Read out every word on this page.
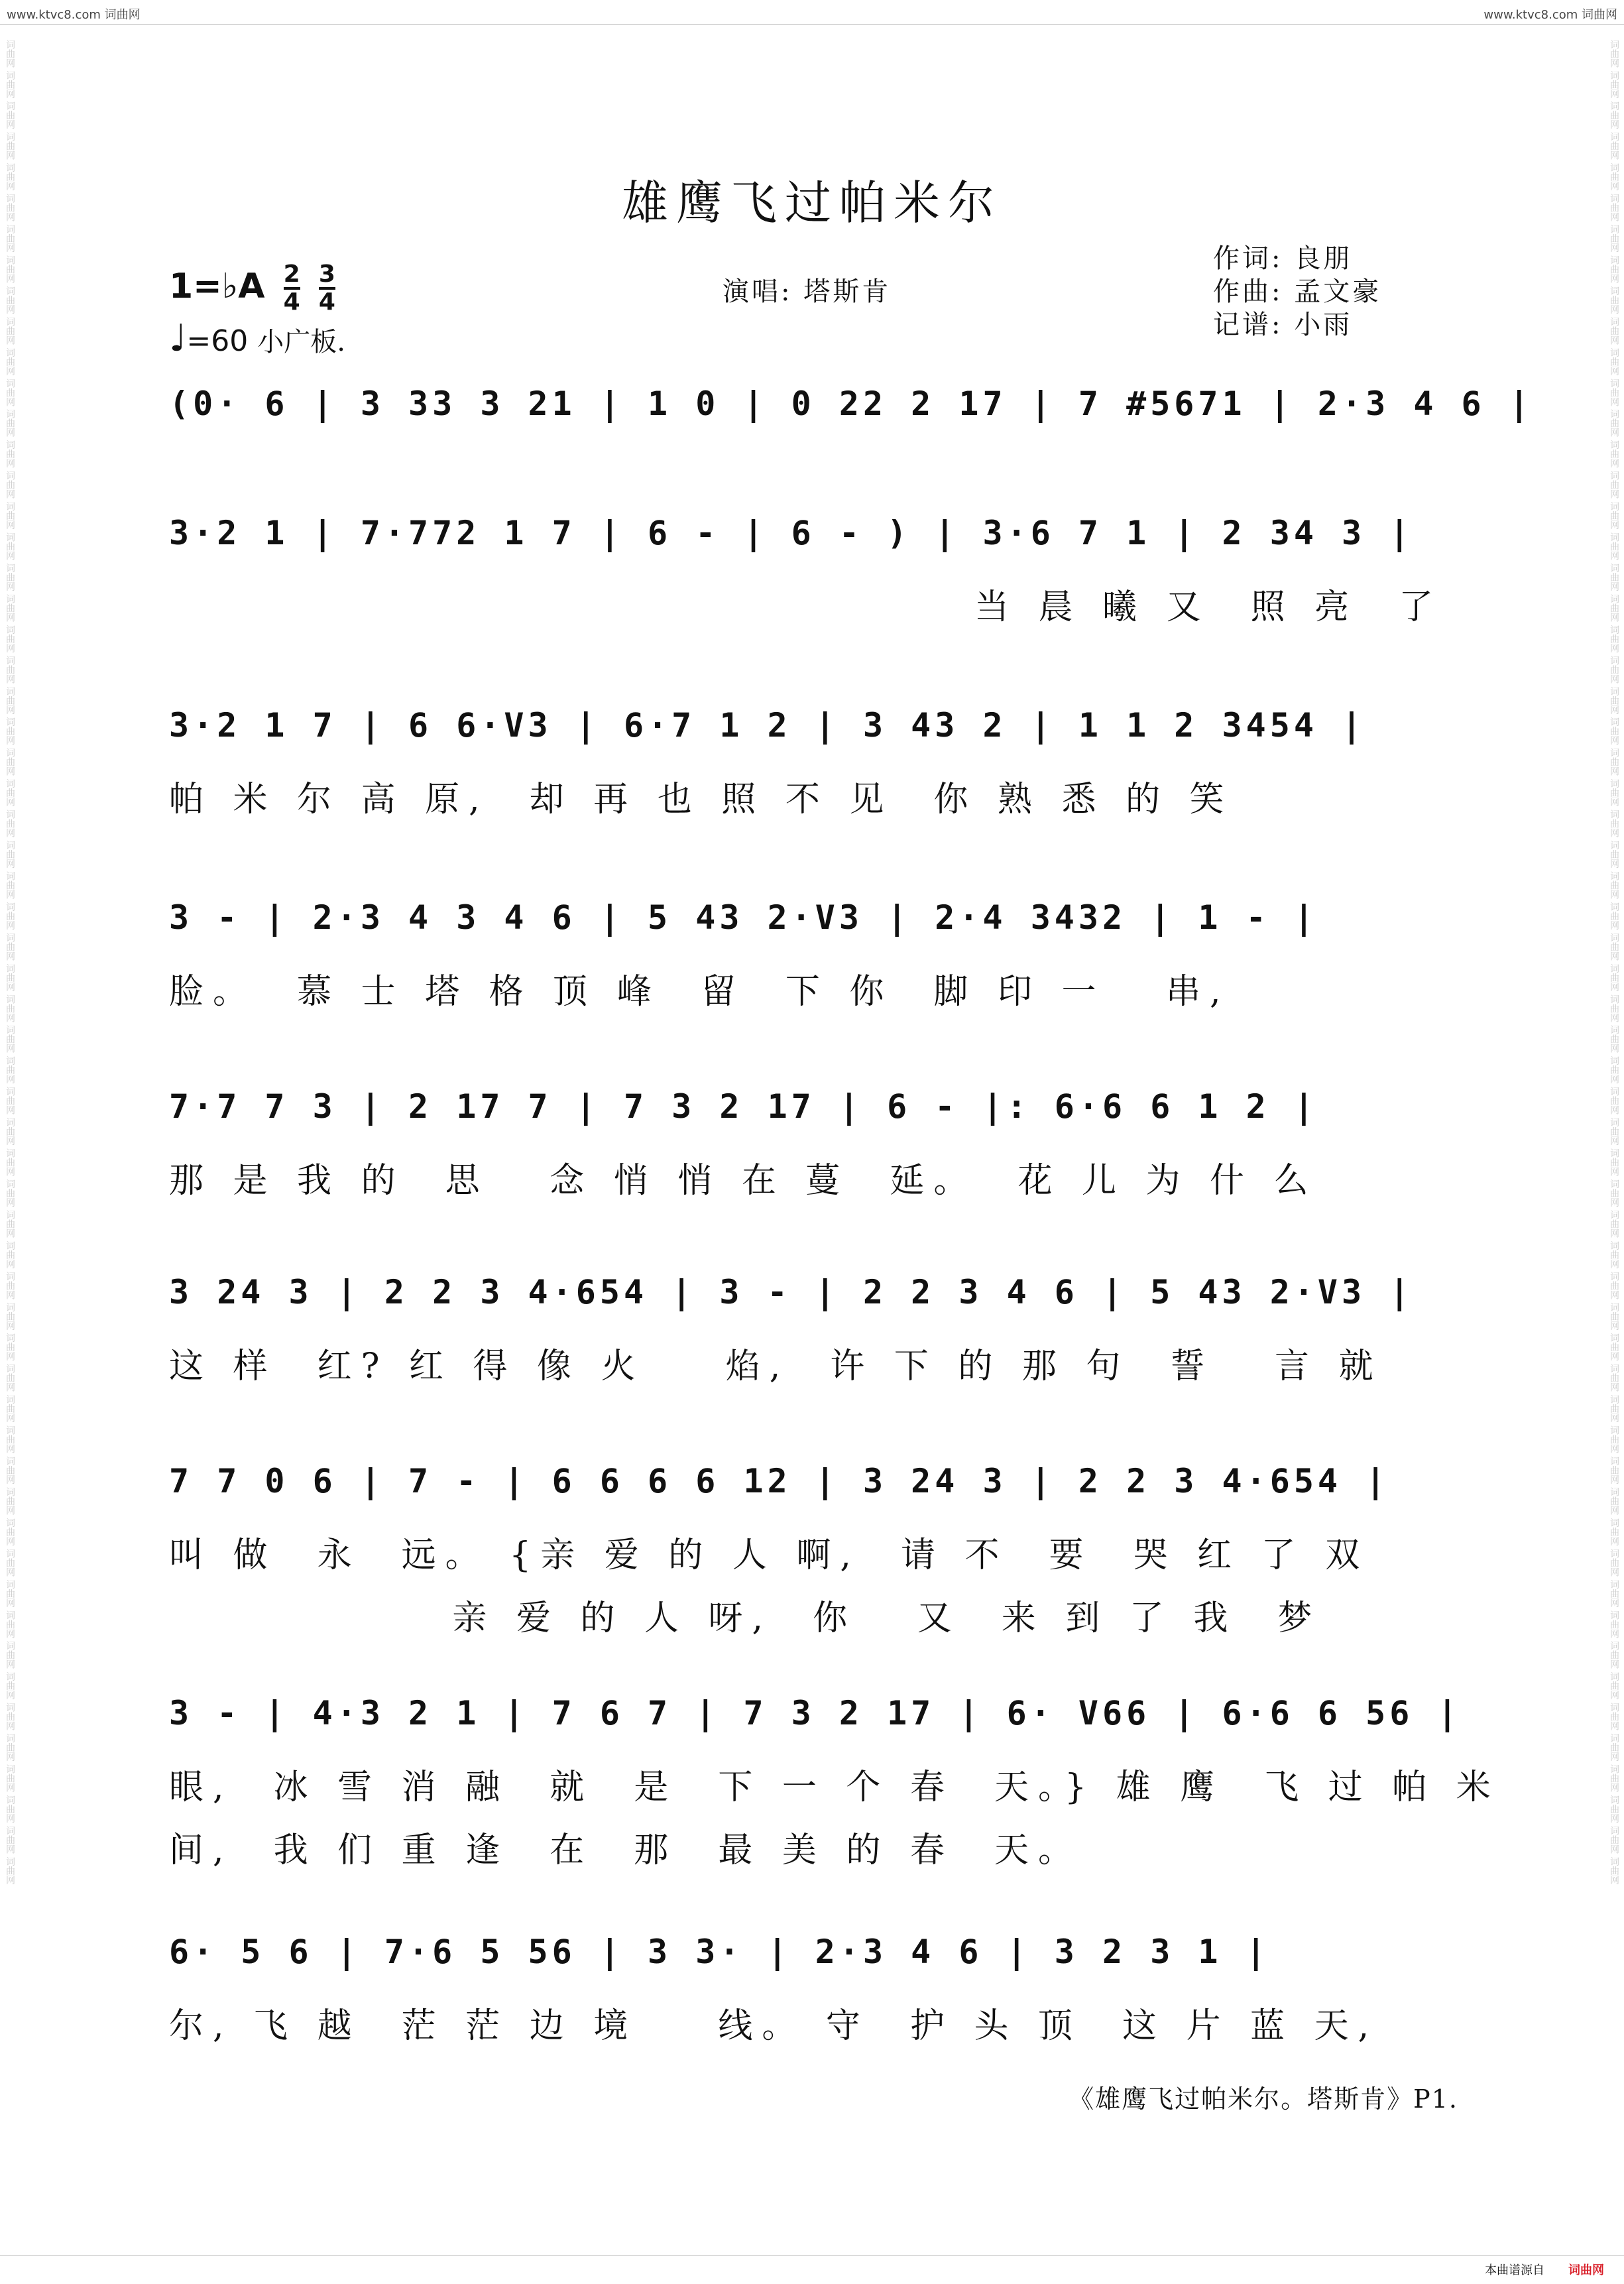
www.ktvc8.com 词曲网	www.ktvc8.com 词曲网
词曲网 词曲网 词曲网 词曲网 词曲网 词曲网 词曲网 词曲网 词曲网 词曲网 词曲网 词曲网 词曲网 词曲网 词曲网 词曲网 词曲网 词曲网 词曲网 词曲网 词曲网 词曲网 词曲网 词曲网 词曲网 词曲网 词曲网 词曲网 词曲网 词曲网 词曲网 词曲网 词曲网 词曲网 词曲网 词曲网 词曲网 词曲网 词曲网 词曲网 词曲网 词曲网 词曲网 词曲网 词曲网 词曲网 词曲网 词曲网 词曲网 词曲网 词曲网 词曲网 词曲网 词曲网 词曲网 词曲网 词曲网 词曲网 词曲网 词曲网	词曲网 词曲网 词曲网 词曲网 词曲网 词曲网 词曲网 词曲网 词曲网 词曲网 词曲网 词曲网 词曲网 词曲网 词曲网 词曲网 词曲网 词曲网 词曲网 词曲网 词曲网 词曲网 词曲网 词曲网 词曲网 词曲网 词曲网 词曲网 词曲网 词曲网 词曲网 词曲网 词曲网 词曲网 词曲网 词曲网 词曲网 词曲网 词曲网 词曲网 词曲网 词曲网 词曲网 词曲网 词曲网 词曲网 词曲网 词曲网 词曲网 词曲网 词曲网 词曲网 词曲网 词曲网 词曲网 词曲网 词曲网 词曲网 词曲网 词曲网
雄鹰飞过帕米尔
1=♭A $\frac{2}{4}$
$\frac{3}{4}$
♩=60 小广板.
演唱: 塔斯肯
作词: 良朋
作曲: 孟文豪
记谱: 小雨
(0· 6 | 3 33 3 21 | 1 0 | 0 22 2 17 | 7 #5671 | 2·3 4 6 |
3·2 1 | 7·772 1 7 | 6 - | 6 - ) | 3·6 7 1 | 2 34 3 |
当 晨 曦 又  照 亮  了
3·2 1 7 | 6 6·V3 | 6·7 1 2 | 3 43 2 | 1 1 2 3454 |
帕 米 尔 高 原,  却 再 也 照 不 见  你 熟 悉 的 笑
3 - | 2·3 4 3 4 6 | 5 43 2·V3 | 2·4 3432 | 1 - |
脸。  慕 士 塔 格 顶 峰  留  下 你  脚 印 一   串,
7·7 7 3 | 2 17 7 | 7 3 2 17 | 6 - |: 6·6 6 1 2 |
那 是 我 的  思   念 悄 悄 在 蔓  延。  花 儿 为 什 么
3 24 3 | 2 2 3 4·654 | 3 - | 2 2 3 4 6 | 5 43 2·V3 |
这 样  红? 红 得 像 火    焰,  许 下 的 那 句  誓   言 就
7 7 0 6 | 7 - | 6 6 6 6 12 | 3 24 3 | 2 2 3 4·654 |
叫 做  永  远。 {亲 爱 的 人 啊,  请 不  要  哭 红 了 双
亲 爱 的 人 呀,  你   又  来 到 了 我  梦
3 - | 4·3 2 1 | 7 6 7 | 7 3 2 17 | 6· V66 | 6·6 6 56 |
眼,  冰 雪 消 融  就  是  下 一 个 春  天。} 雄 鹰  飞 过 帕 米
间,  我 们 重 逢  在  那  最 美 的 春  天。
6· 5 6 | 7·6 5 56 | 3 3· | 2·3 4 6 | 3 2 3 1 |
尔, 飞 越  茫 茫 边 境    线。 守  护 头 顶  这 片 蓝 天,
《雄鹰飞过帕米尔。塔斯肯》P1.
本曲谱源自 词曲网
